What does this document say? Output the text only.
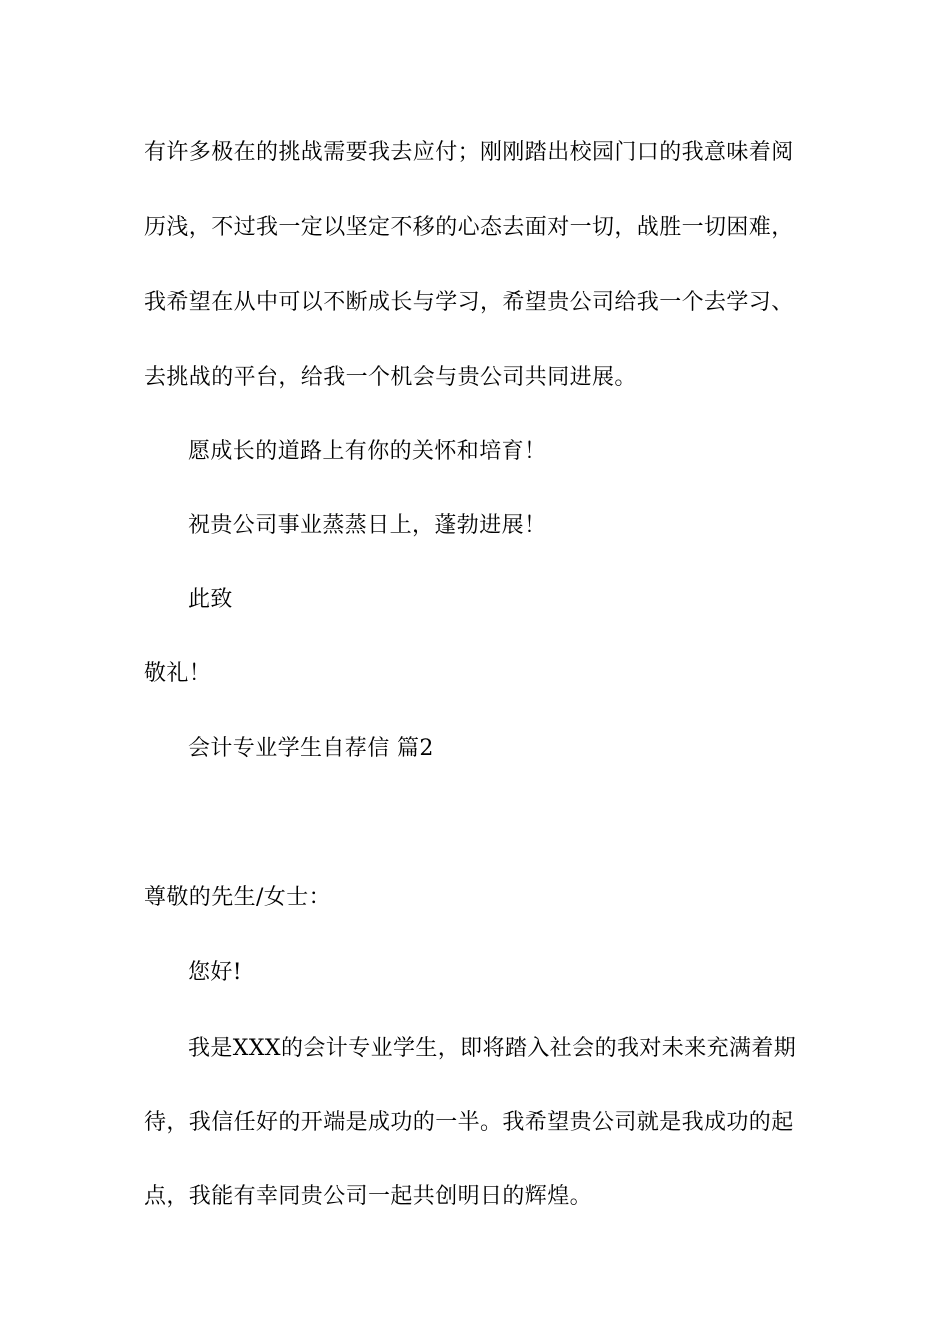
有许多极在的挑战需要我去应付；刚刚踏出校园门口的我意味着阅
历浅，不过我一定以坚定不移的心态去面对一切，战胜一切困难，
我希望在从中可以不断成长与学习，希望贵公司给我一个去学习、
去挑战的平台，给我一个机会与贵公司共同进展。
愿成长的道路上有你的关怀和培育！
祝贵公司事业蒸蒸日上，蓬勃进展！
此致
敬礼！
会计专业学生自荐信 篇2
尊敬的先生/女士：
您好!
我是XXX的会计专业学生，即将踏入社会的我对未来充满着期
待，我信任好的开端是成功的一半。我希望贵公司就是我成功的起
点，我能有幸同贵公司一起共创明日的辉煌。
